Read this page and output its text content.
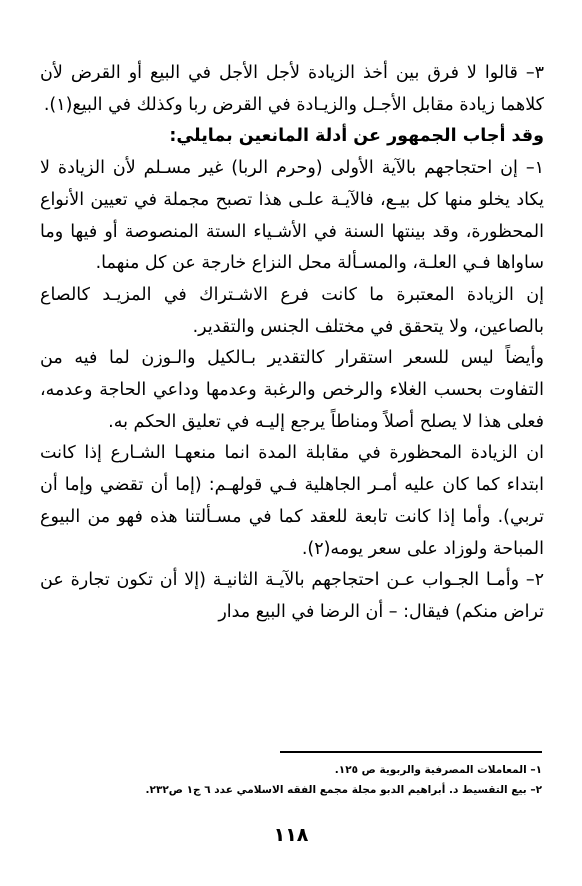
٣– قالوا لا فرق بين أخذ الزيادة لأجل الأجل في البيع أو القرض لأن كلاهما زيادة مقابل الأجـل والزيـادة في القرض ربا وكذلك في البيع(١).

وقد أجاب الجمهور عن أدلة المانعين بمايلي:

١– إن احتجاجهم بالآية الأولى (وحرم الربا) غير مسـلم لأن الزيادة لا يكاد يخلو منها كل بيـع، فالآيـة علـى هذا تصبح مجملة في تعيين الأنواع المحظورة، وقد بينتها السنة في الأشـياء الستة المنصوصة أو فيها وما ساواها فـي العلـة، والمسـألة محل النزاع خارجة عن كل منهما.

إن الزيادة المعتبرة ما كانت فرع الاشـتراك في المزيـد كالصاع بالصاعين، ولا يتحقق في مختلف الجنس والتقدير.

وأيضاً ليس للسعر استقرار كالتقدير بـالكيل والـوزن لما فيه من التفاوت بحسب الغلاء والرخص والرغبة وعدمها وداعي الحاجة وعدمه، فعلى هذا لا يصلح أصلاً ومناطاً يرجع إليـه في تعليق الحكم به.

ان الزيادة المحظورة في مقابلة المدة انما منعهـا الشـارع إذا كانت ابتداء كما كان عليه أمـر الجاهلية فـي قولهـم: (إما أن تقضي وإما أن تربي). وأما إذا كانت تابعة للعقد كما في مسـألتنا هذه فهو من البيوع المباحة ولوزاد على سعر يومه(٢).

٢– وأمـا الجـواب عـن احتجاجهم بالآيـة الثانيـة (إلا أن تكون تجارة عن تراض منكم) فيقال: – أن الرضا في البيع مدار

١– المعاملات المصرفية والربوية ص ١٢٥.

٢– بيع التقسيط د. أبراهيم الدبو مجلة مجمع الفقه الاسلامي عدد ٦ ج١ ص٢٣٢.

١١٨
